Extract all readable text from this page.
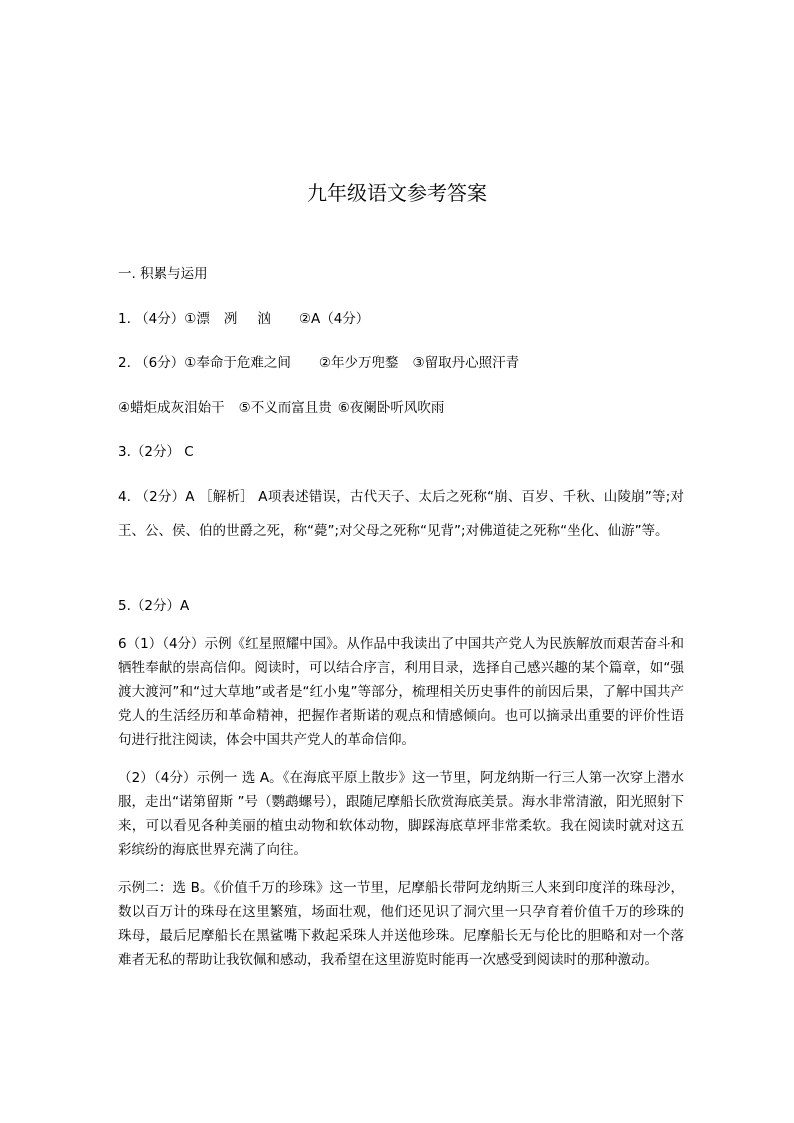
九年级语文参考答案
一. 积累与运用
1. （4分）①漂 冽 汹 ②A（4分）
2. （6分）①奉命于危难之间 ②年少万兜鍪 ③留取丹心照汗青
④蜡炬成灰泪始干 ⑤不义而富且贵 ⑥夜阑卧听风吹雨
3.（2分） C
4. （2分）A ［解析］ A项表述错误，古代天子、太后之死称“崩、百岁、千秋、山陵崩”等;对王、公、侯、伯的世爵之死，称“薨”;对父母之死称“见背”;对佛道徒之死称“坐化、仙游”等。
5.（2分）A
6（1）（4分）示例《红星照耀中国》。从作品中我读出了中国共产党人为民族解放而艰苦奋斗和牺牲奉献的崇高信仰。阅读时，可以结合序言，利用目录，选择自己感兴趣的某个篇章，如“强渡大渡河”和“过大草地”或者是“红小鬼”等部分，梳理相关历史事件的前因后果，了解中国共产党人的生活经历和革命精神，把握作者斯诺的观点和情感倾向。也可以摘录出重要的评价性语句进行批注阅读，体会中国共产党人的革命信仰。
（2）（4分）示例一 选 A。《在海底平原上散步》这一节里，阿龙纳斯一行三人第一次穿上潜水服，走出“诺第留斯 ”号（鹦鹉螺号），跟随尼摩船长欣赏海底美景。海水非常清澈，阳光照射下来，可以看见各种美丽的植虫动物和软体动物，脚踩海底草坪非常柔软。我在阅读时就对这五彩缤纷的海底世界充满了向往。
示例二：选 B。《价值千万的珍珠》这一节里，尼摩船长带阿龙纳斯三人来到印度洋的珠母沙，数以百万计的珠母在这里繁殖，场面壮观，他们还见识了洞穴里一只孕育着价值千万的珍珠的珠母，最后尼摩船长在黑鲨嘴下救起采珠人并送他珍珠。尼摩船长无与伦比的胆略和对一个落难者无私的帮助让我钦佩和感动，我希望在这里游览时能再一次感受到阅读时的那种激动。
